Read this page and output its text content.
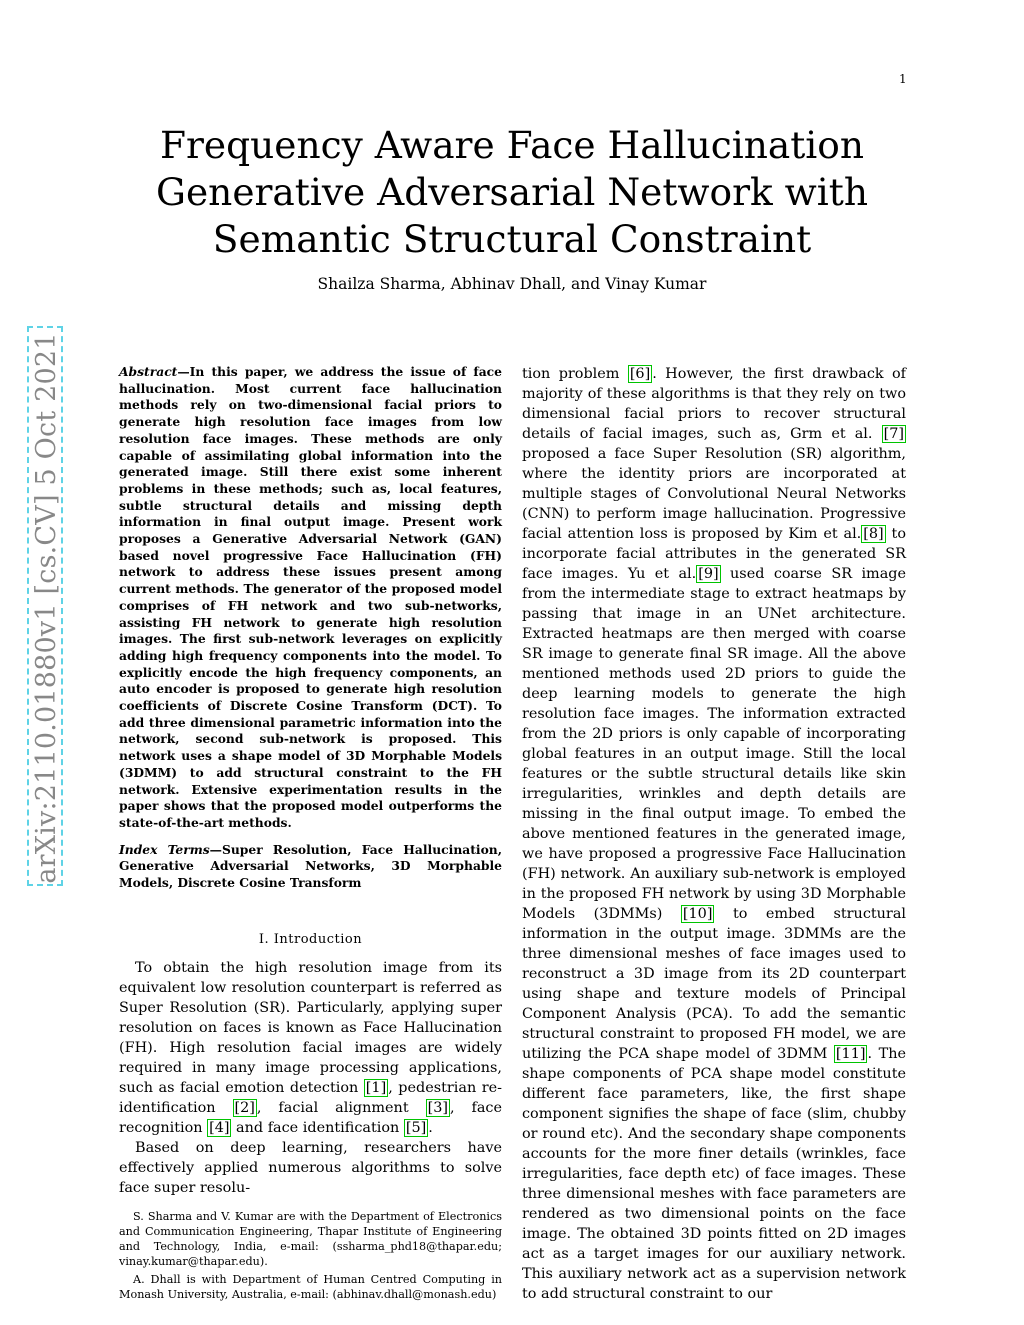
1
arXiv:2110.01880v1 [cs.CV] 5 Oct 2021
Frequency Aware Face Hallucination Generative Adversarial Network with Semantic Structural Constraint
Shailza Sharma, Abhinav Dhall, and Vinay Kumar

Abstract—In this paper, we address the issue of face hallucination. Most current face hallucination methods rely on two-dimensional facial priors to generate high resolution face images from low resolution face images. These methods are only capable of assimilating global information into the generated image. Still there exist some inherent problems in these methods; such as, local features, subtle structural details and missing depth information in final output image. Present work proposes a Generative Adversarial Network (GAN) based novel progressive Face Hallucination (FH) network to address these issues present among current methods. The generator of the proposed model comprises of FH network and two sub-networks, assisting FH network to generate high resolution images. The first sub-network leverages on explicitly adding high frequency components into the model. To explicitly encode the high frequency components, an auto encoder is proposed to generate high resolution coefficients of Discrete Cosine Transform (DCT). To add three dimensional parametric information into the network, second sub-network is proposed. This network uses a shape model of 3D Morphable Models (3DMM) to add structural constraint to the FH network. Extensive experimentation results in the paper shows that the proposed model outperforms the state-of-the-art methods.

Index Terms—Super Resolution, Face Hallucination, Generative Adversarial Networks, 3D Morphable Models, Discrete Cosine Transform

I. Introduction

To obtain the high resolution image from its equivalent low resolution counterpart is referred as Super Resolution (SR). Particularly, applying super resolution on faces is known as Face Hallucination (FH). High resolution facial images are widely required in many image processing applications, such as facial emotion detection [1] , pedestrian re-identification [2] , facial alignment [3] , face recognition [4] and face identification [5] .

Based on deep learning, researchers have effectively applied numerous algorithms to solve face super resolu-

S. Sharma and V. Kumar are with the Department of Electronics and Communication Engineering, Thapar Institute of Engineering and Technology, India, e-mail: (ssharma_phd18@thapar.edu; vinay.kumar@thapar.edu).

A. Dhall is with Department of Human Centred Computing in Monash University, Australia, e-mail: (abhinav.dhall@monash.edu)

tion problem [6] . However, the first drawback of majority of these algorithms is that they rely on two dimensional facial priors to recover structural details of facial images, such as, Grm et al. [7] proposed a face Super Resolution (SR) algorithm, where the identity priors are incorporated at multiple stages of Convolutional Neural Networks (CNN) to perform image hallucination. Progressive facial attention loss is proposed by Kim et al. [8] to incorporate facial attributes in the generated SR face images. Yu et al. [9] used coarse SR image from the intermediate stage to extract heatmaps by passing that image in an UNet architecture. Extracted heatmaps are then merged with coarse SR image to generate final SR image. All the above mentioned methods used 2D priors to guide the deep learning models to generate the high resolution face images. The information extracted from the 2D priors is only capable of incorporating global features in an output image. Still the local features or the subtle structural details like skin irregularities, wrinkles and depth details are missing in the final output image. To embed the above mentioned features in the generated image, we have proposed a progressive Face Hallucination (FH) network. An auxiliary sub-network is employed in the proposed FH network by using 3D Morphable Models (3DMMs) [10] to embed structural information in the output image. 3DMMs are the three dimensional meshes of face images used to reconstruct a 3D image from its 2D counterpart using shape and texture models of Principal Component Analysis (PCA). To add the semantic structural constraint to proposed FH model, we are utilizing the PCA shape model of 3DMM [11] . The shape components of PCA shape model constitute different face parameters, like, the first shape component signifies the shape of face (slim, chubby or round etc). And the secondary shape components accounts for the more finer details (wrinkles, face irregularities, face depth etc) of face images. These three dimensional meshes with face parameters are rendered as two dimensional points on the face image. The obtained 3D points fitted on 2D images act as a target images for our auxiliary network. This auxiliary network act as a supervision network to add structural constraint to our
